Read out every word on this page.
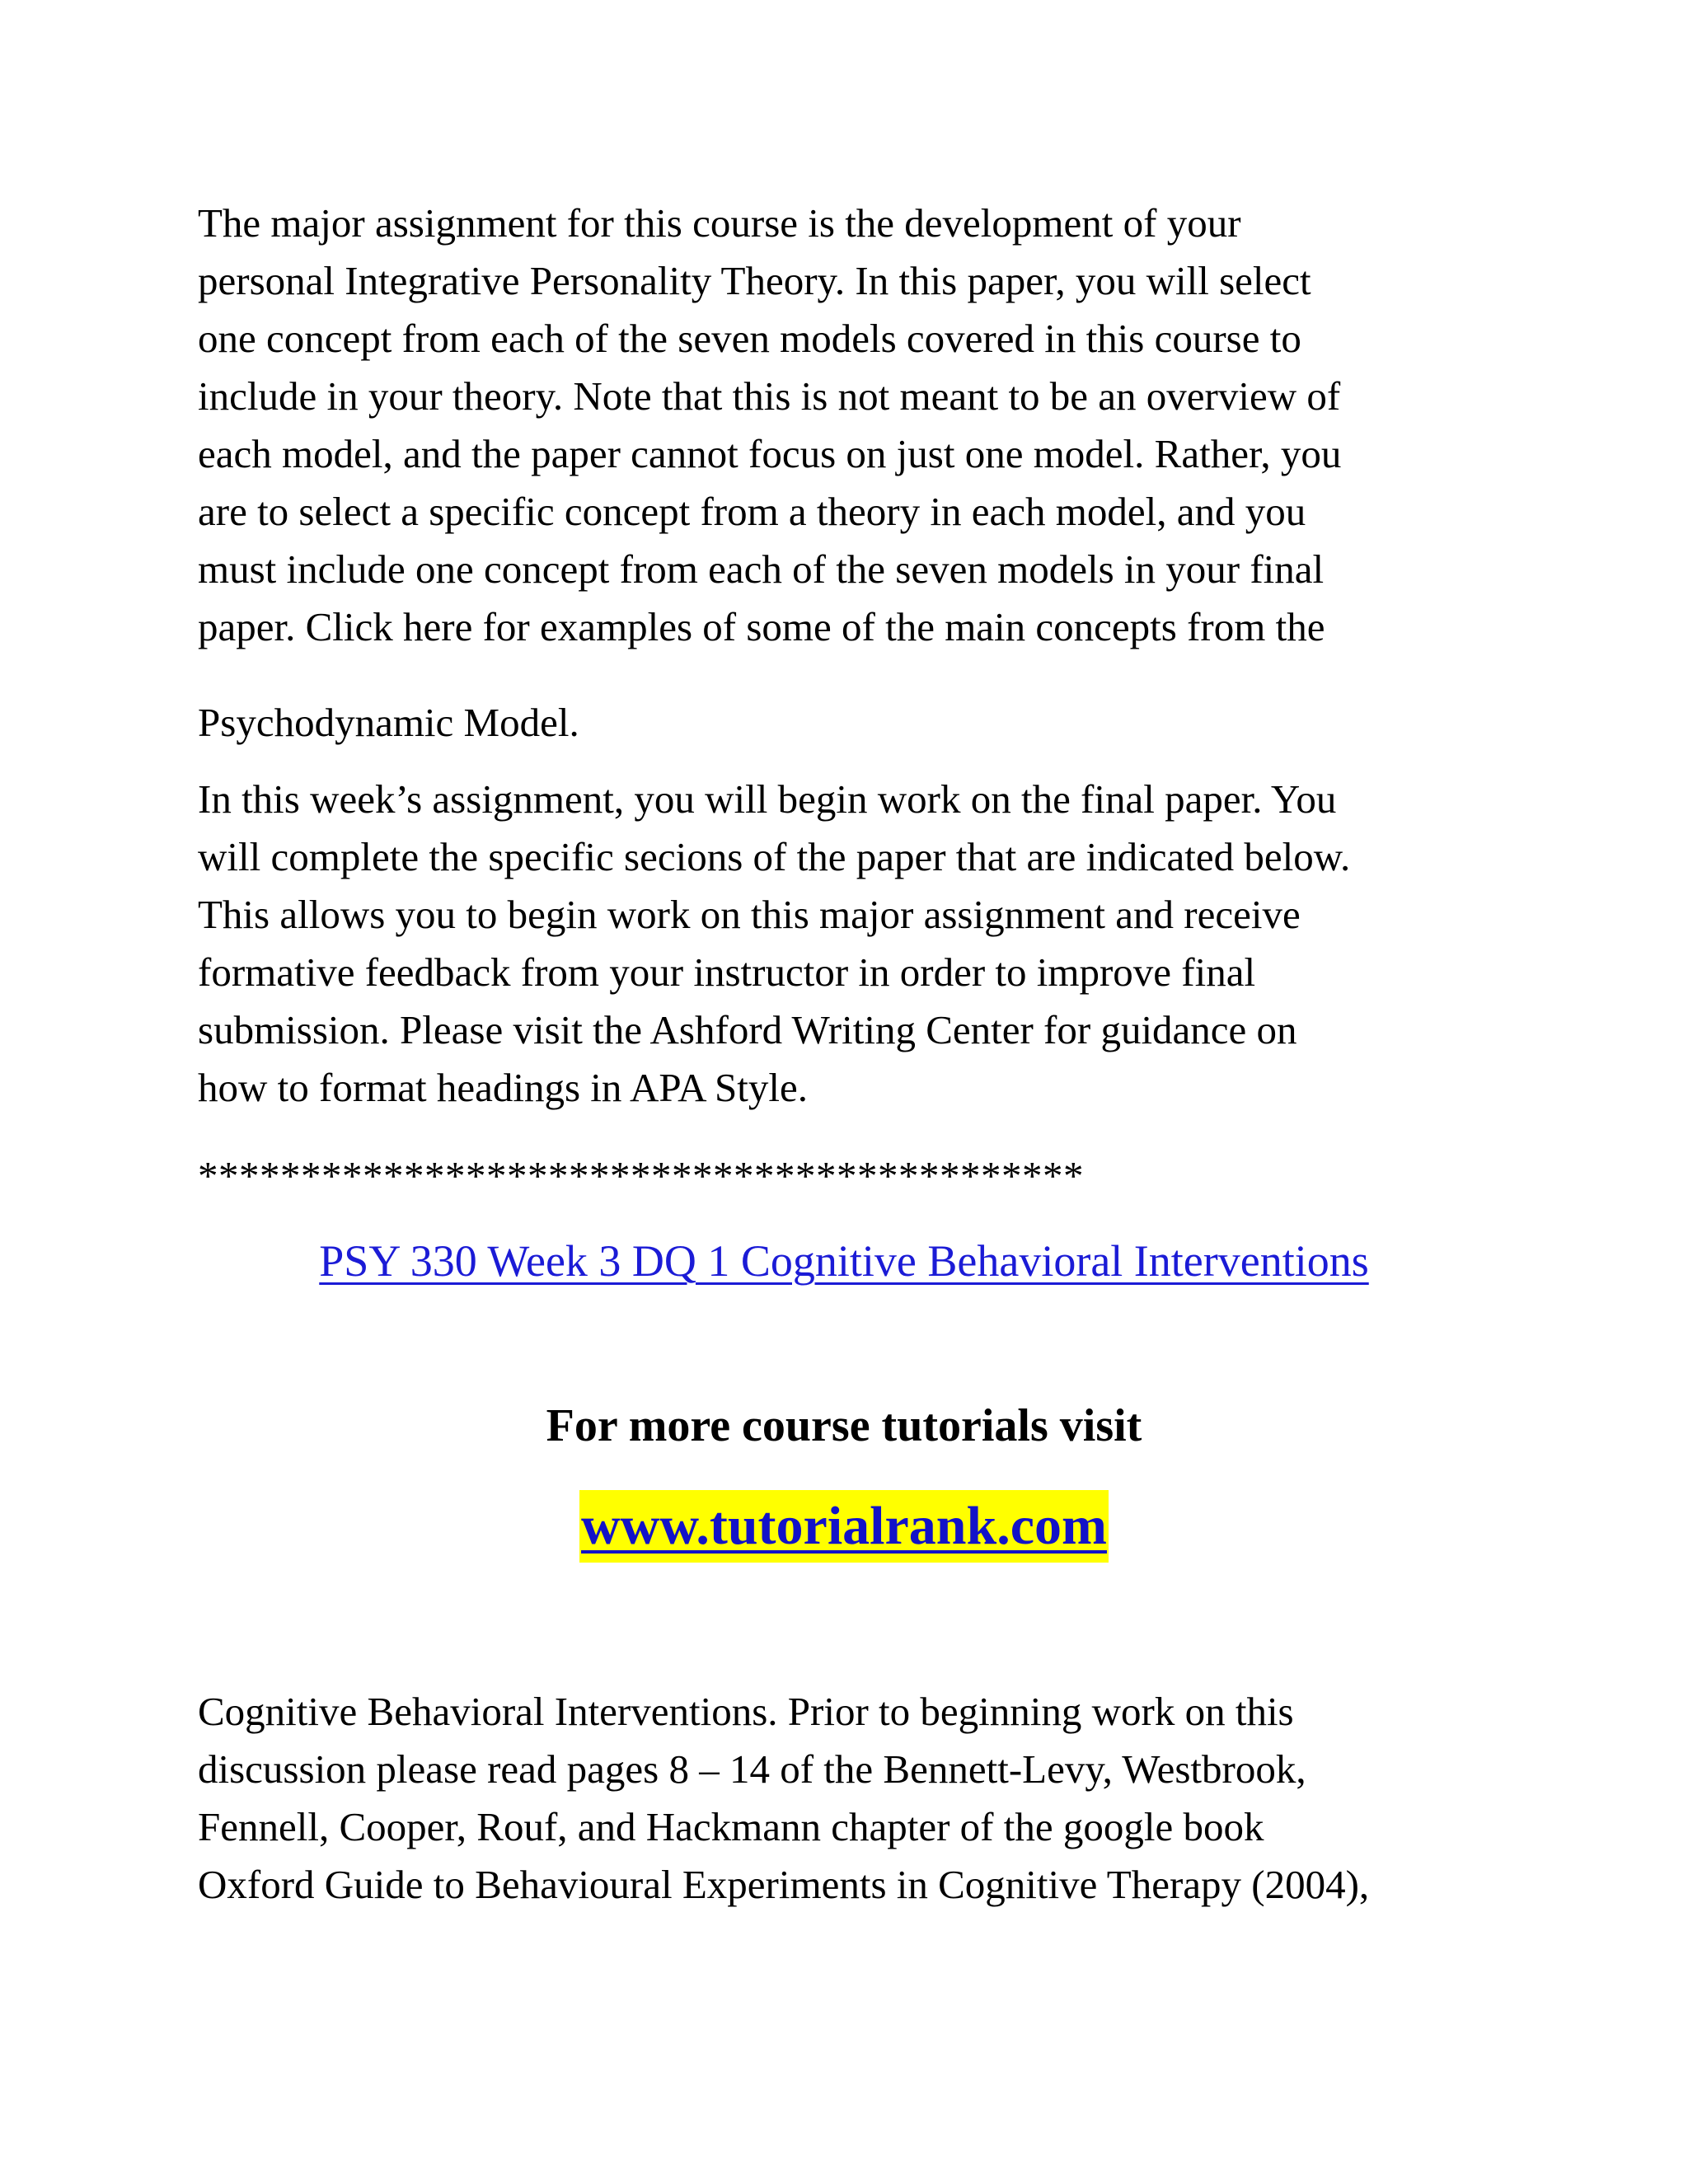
The major assignment for this course is the development of your
personal Integrative Personality Theory. In this paper, you will select
one concept from each of the seven models covered in this course to
include in your theory. Note that this is not meant to be an overview of
each model, and the paper cannot focus on just one model. Rather, you
are to select a specific concept from a theory in each model, and you
must include one concept from each of the seven models in your final
paper. Click here for examples of some of the main concepts from the

Psychodynamic Model.

In this week’s assignment, you will begin work on the final paper. You
will complete the specific secions of the paper that are indicated below.
This allows you to begin work on this major assignment and receive
formative feedback from your instructor in order to improve final
submission. Please visit the Ashford Writing Center for guidance on
how to format headings in APA Style.

*******************************************

PSY 330 Week 3 DQ 1 Cognitive Behavioral Interventions

For more course tutorials visit

www.tutorialrank.com

Cognitive Behavioral Interventions. Prior to beginning work on this
discussion please read pages 8 – 14 of the Bennett-Levy, Westbrook,
Fennell, Cooper, Rouf, and Hackmann chapter of the google book
Oxford Guide to Behavioural Experiments in Cognitive Therapy (2004),
